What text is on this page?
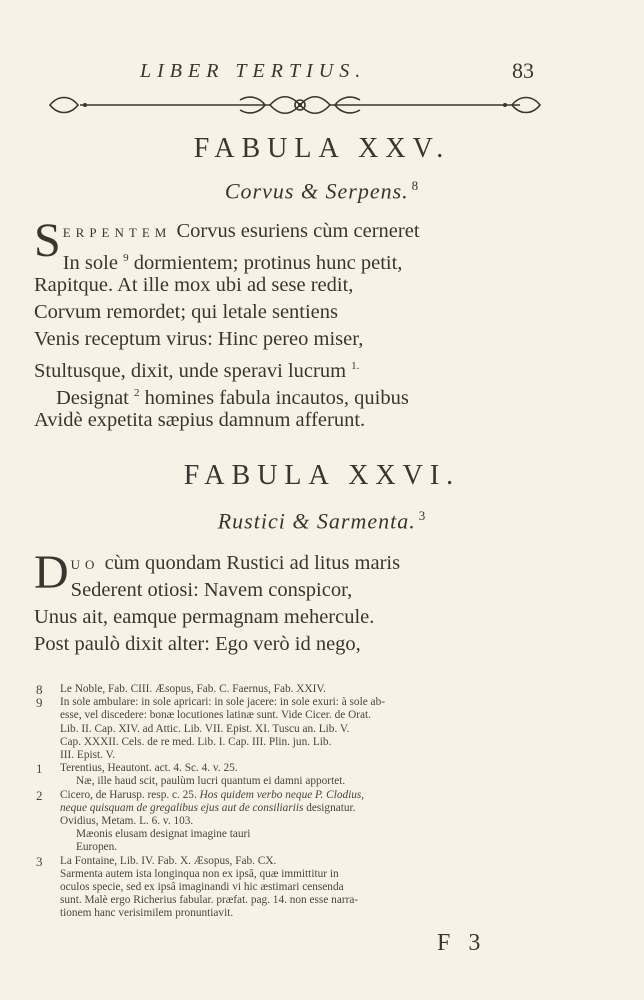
LIBER TERTIUS.	83
FABULA XXV.
Corvus & Serpens. $^8$
S ERPENTEM Corvus esuriens cùm cerneret
In sole $^9$ dormientem; protinus hunc petit,
Rapitque. At ille mox ubi ad sese redit,
Corvum remordet; qui letale sentiens
Venis receptum virus: Hinc pereo miser,
Stultusque, dixit, unde speravi lucrum $^{1.}$
Designat $^2$ homines fabula incautos, quibus
Avidè expetita sæpius damnum afferunt.
FABULA XXVI.
Rustici & Sarmenta. $^3$
D UO cùm quondam Rustici ad litus maris
Sederent otiosi: Navem conspicor,
Unus ait, eamque permagnam mehercule.
Post paulò dixit alter: Ego verò id nego,
8 Le Noble, Fab. CIII. Æsopus, Fab. C. Faernus, Fab. XXIV.
9 In sole ambulare: in sole apricari: in sole jacere: in sole exuri: à sole ab-
esse, vel discedere: bonæ locutiones latinæ sunt. Vide Cicer. de Orat.
Lib. II. Cap. XIV. ad Attic. Lib. VII. Epist. XI. Tuscu an. Lib. V.
Cap. XXXII. Cels. de re med. Lib. I. Cap. III. Plin. jun. Lib.
III. Epist. V.
1 Terentius, Heautont. act. 4. Sc. 4. v. 25.
Næ, ille haud scit, paulùm lucri quantum ei damni apportet.
2 Cicero, de Harusp. resp. c. 25. Hos quidem verbo neque P. Clodius,
neque quisquam de gregalibus ejus aut de consiliariis designatur.
Ovidius, Metam. L. 6. v. 103.
Mæonis elusam designat imagine tauri
Europen.
3 La Fontaine, Lib. IV. Fab. X. Æsopus, Fab. CX.
Sarmenta autem ista longinqua non ex ipsâ, quæ immittitur in
oculos specie, sed ex ipsâ imaginandi vi hic æstimari censenda
sunt. Malè ergo Richerius fabular. præfat. pag. 14. non esse narra-
tionem hanc verisimilem pronuntiavit.
F 3
